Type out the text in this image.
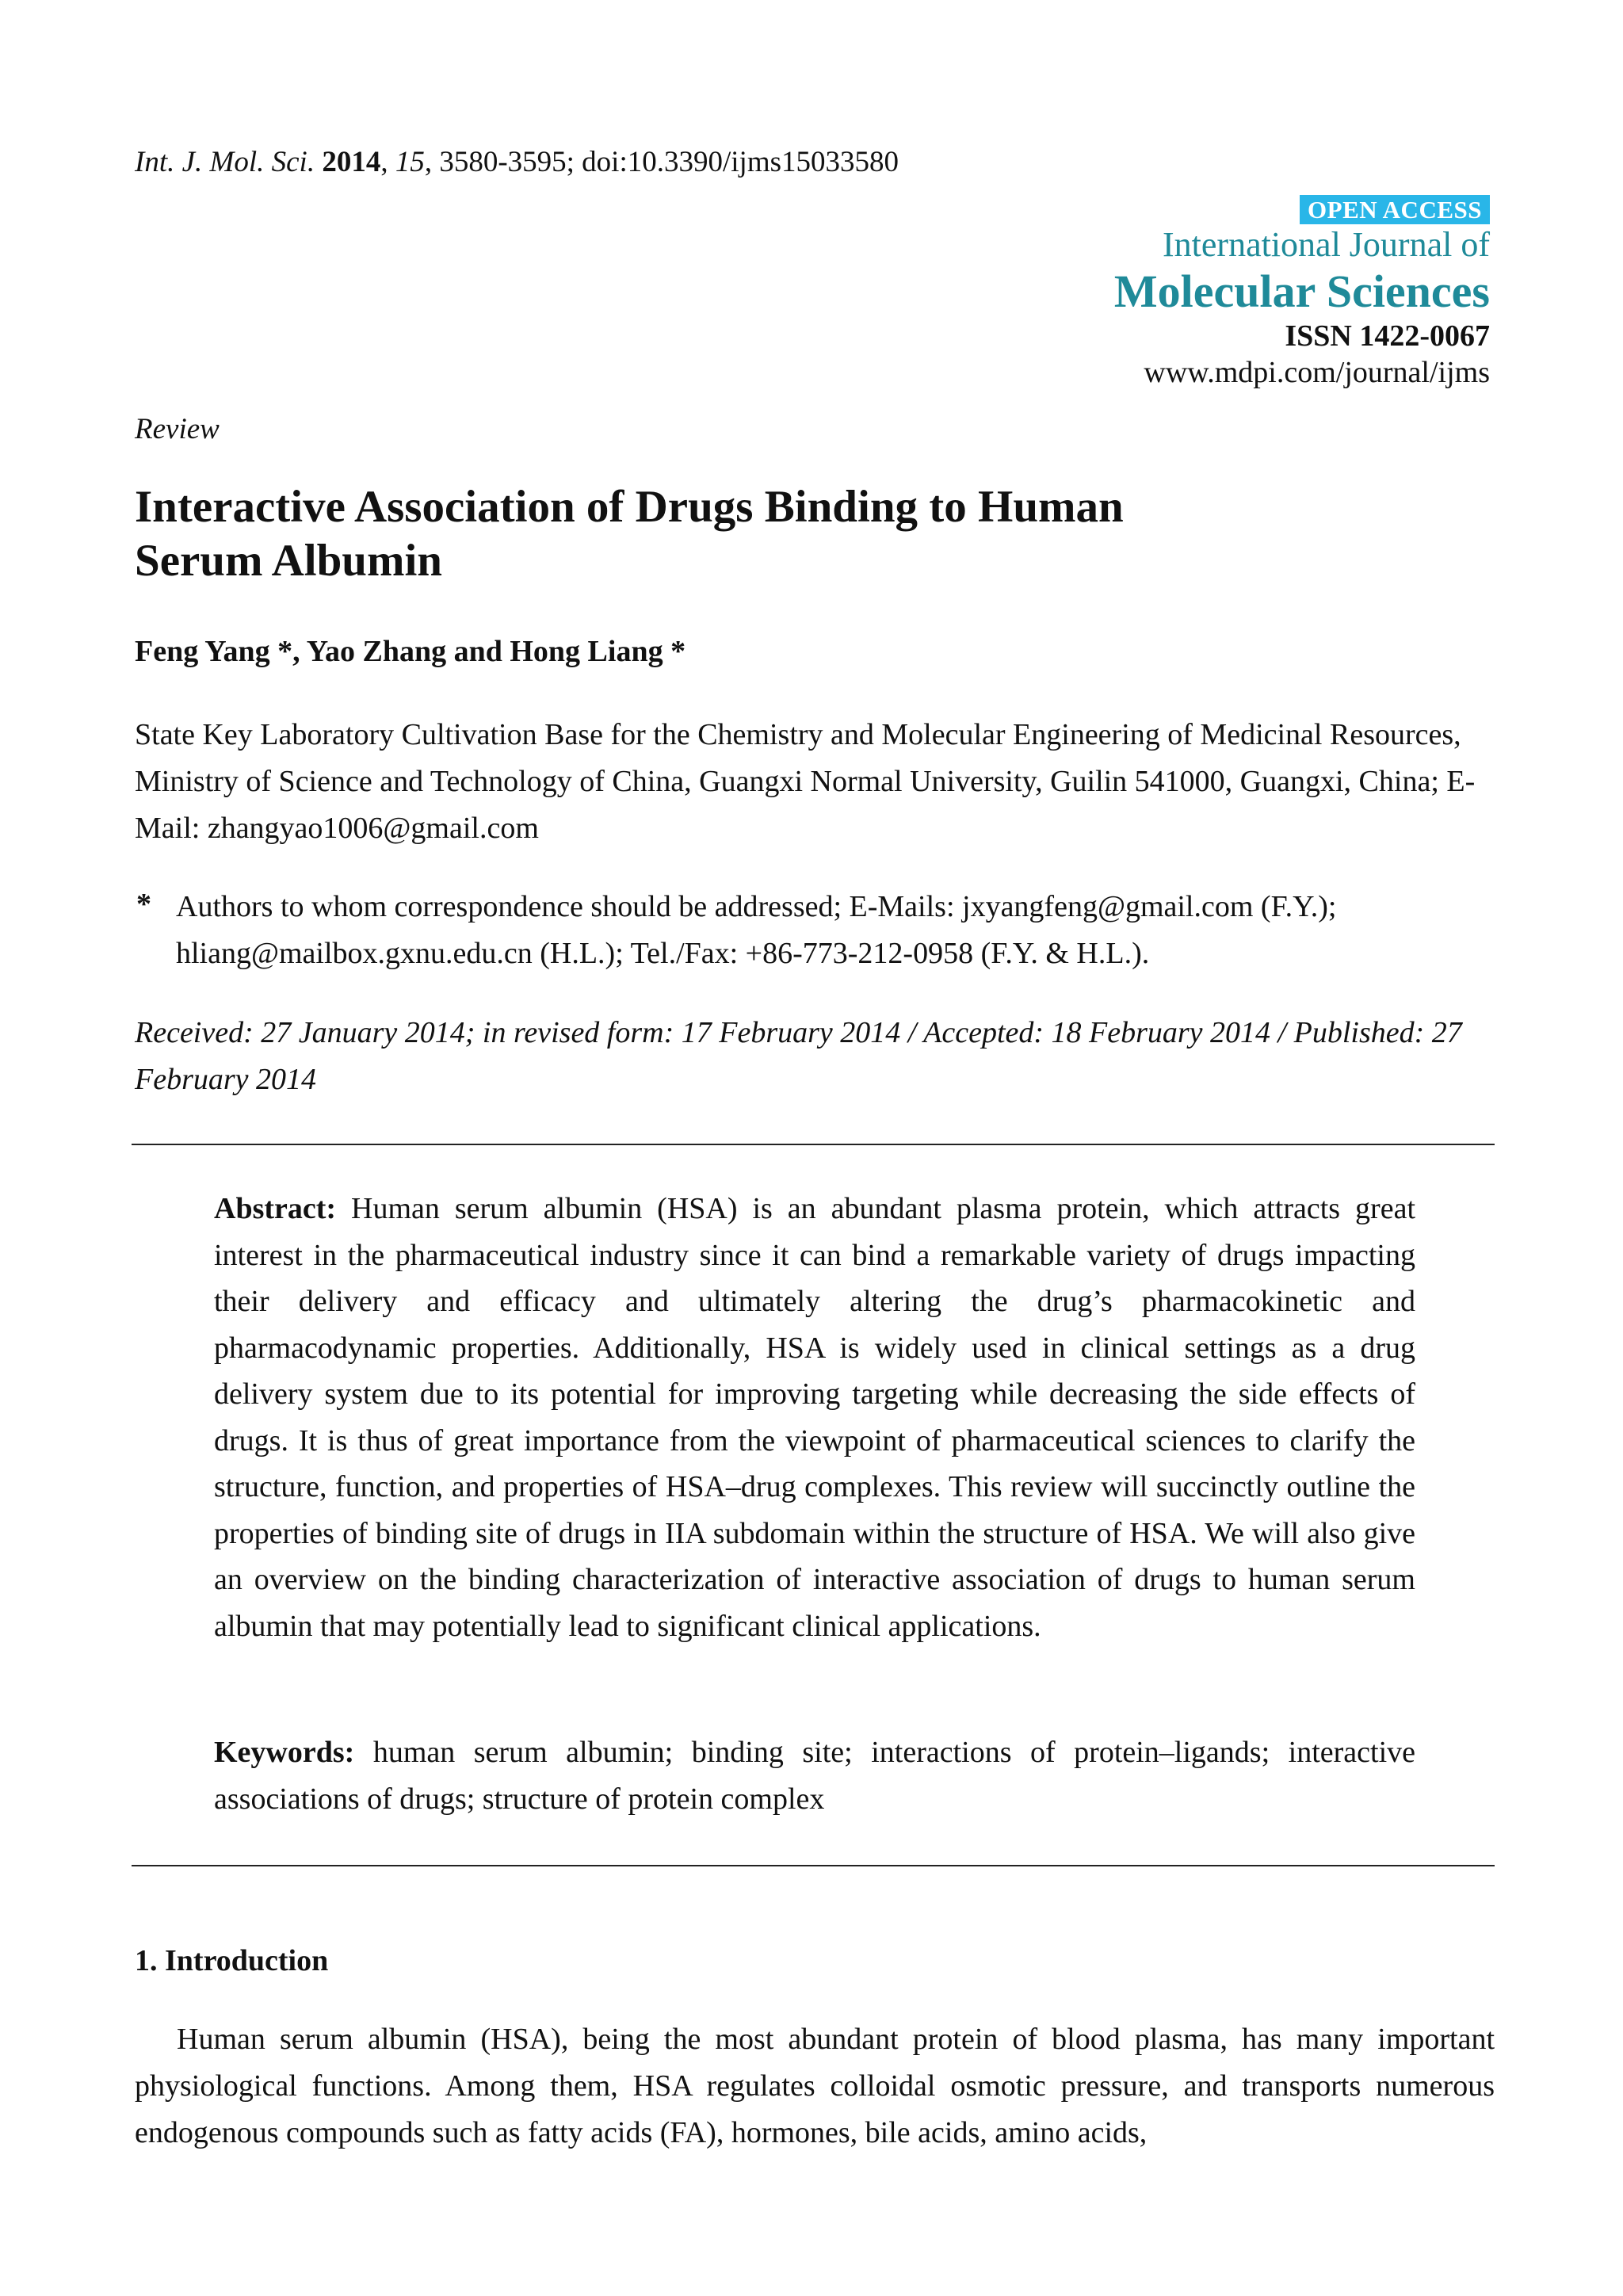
Int. J. Mol. Sci. 2014, 15, 3580-3595; doi:10.3390/ijms15033580
OPEN ACCESS
International Journal of
Molecular Sciences
ISSN 1422-0067
www.mdpi.com/journal/ijms
Review
Interactive Association of Drugs Binding to Human
Serum Albumin
Feng Yang *, Yao Zhang and Hong Liang *
State Key Laboratory Cultivation Base for the Chemistry and Molecular Engineering of Medicinal Resources, Ministry of Science and Technology of China, Guangxi Normal University, Guilin 541000, Guangxi, China; E-Mail: zhangyao1006@gmail.com
* Authors to whom correspondence should be addressed; E-Mails: jxyangfeng@gmail.com (F.Y.); hliang@mailbox.gxnu.edu.cn (H.L.); Tel./Fax: +86-773-212-0958 (F.Y. & H.L.).
Received: 27 January 2014; in revised form: 17 February 2014 / Accepted: 18 February 2014 / Published: 27 February 2014
Abstract: Human serum albumin (HSA) is an abundant plasma protein, which attracts great interest in the pharmaceutical industry since it can bind a remarkable variety of drugs impacting their delivery and efficacy and ultimately altering the drug’s pharmacokinetic and pharmacodynamic properties. Additionally, HSA is widely used in clinical settings as a drug delivery system due to its potential for improving targeting while decreasing the side effects of drugs. It is thus of great importance from the viewpoint of pharmaceutical sciences to clarify the structure, function, and properties of HSA–drug complexes. This review will succinctly outline the properties of binding site of drugs in IIA subdomain within the structure of HSA. We will also give an overview on the binding characterization of interactive association of drugs to human serum albumin that may potentially lead to significant clinical applications.
Keywords: human serum albumin; binding site; interactions of protein–ligands; interactive associations of drugs; structure of protein complex
1. Introduction
Human serum albumin (HSA), being the most abundant protein of blood plasma, has many important physiological functions. Among them, HSA regulates colloidal osmotic pressure, and transports numerous endogenous compounds such as fatty acids (FA), hormones, bile acids, amino acids,
